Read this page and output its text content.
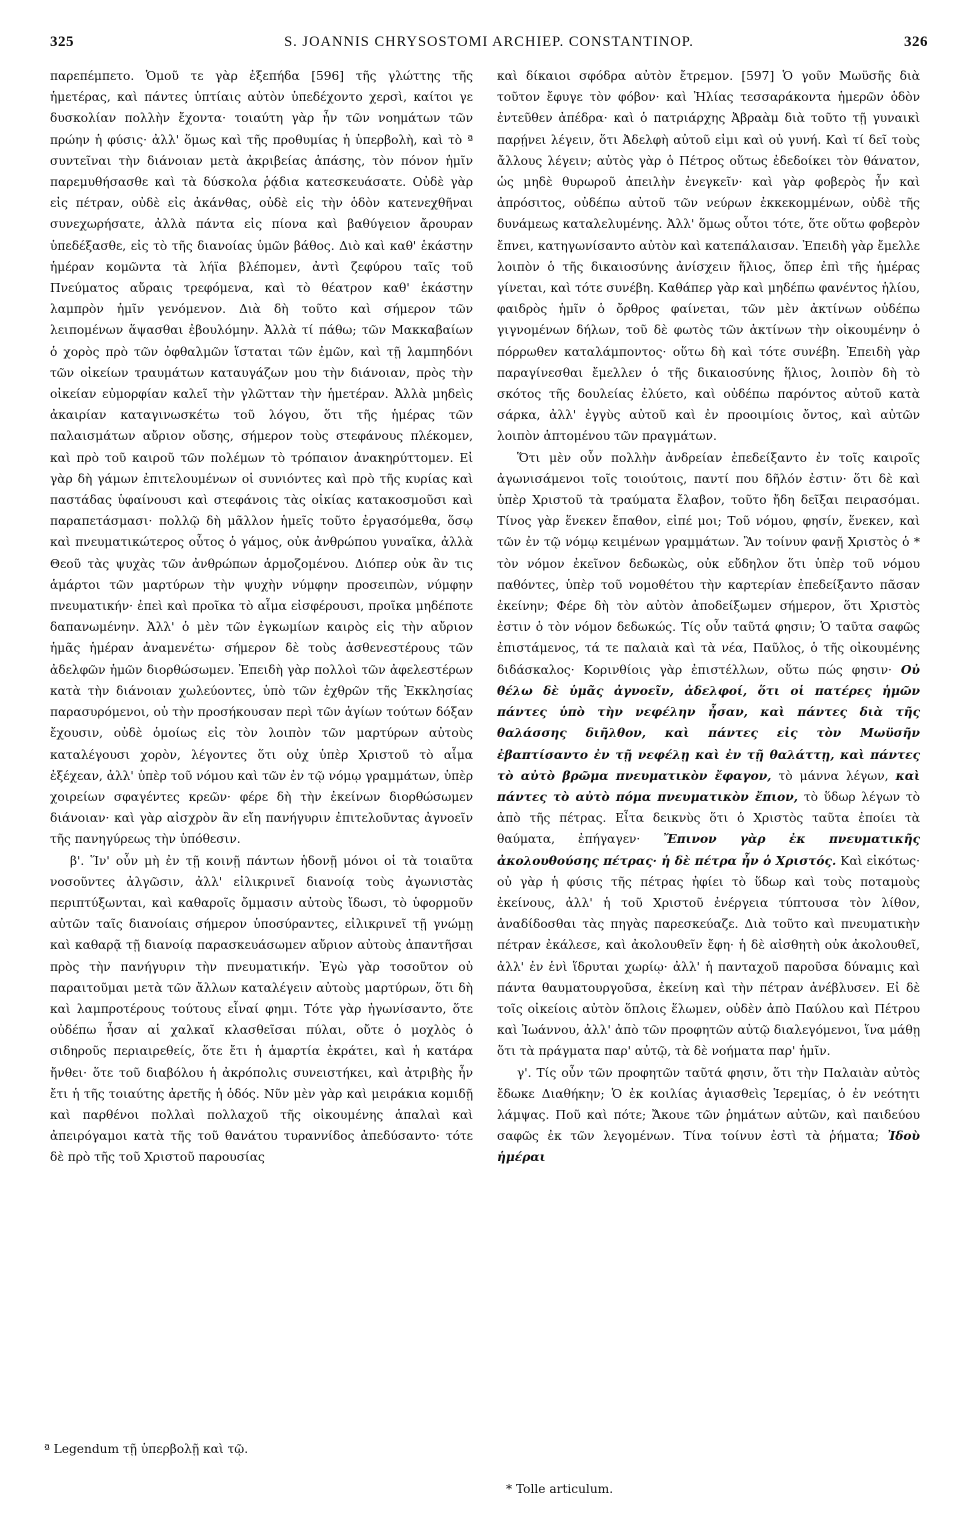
325	S. JOANNIS CHRYSOSTOMI ARCHIEP. CONSTANTINOP.	326

παρεπέμπετο. Ὁμοῦ τε γὰρ ἐξεπήδα [596] τῆς γλώττης τῆς ἡμετέρας, καὶ πάντες ὑπτίαις αὐτὸν ὑπεδέχοντο χερσὶ, καίτοι γε δυσκολίαν πολλὴν ἔχοντα· τοιαύτη γὰρ ἦν τῶν νοημάτων τῶν πρώην ἡ φύσις· ἀλλ' ὅμως καὶ τῆς προθυμίας ἡ ὑπερβολὴ, καὶ τὸ ª συντεῖναι τὴν διάνοιαν μετὰ ἀκριβείας ἁπάσης, τὸν πόνον ἡμῖν παρεμυθήσασθε καὶ τὰ δύσκολα ῥᾴδια κατεσκευάσατε. Οὐδὲ γὰρ εἰς πέτραν, οὐδὲ εἰς ἀκάνθας, οὐδὲ εἰς τὴν ὁδὸν κατενεχθῆναι συνεχωρήσατε, ἀλλὰ πάντα εἰς πίονα καὶ βαθύγειον ἄρουραν ὑπεδέξασθε, εἰς τὸ τῆς διανοίας ὑμῶν βάθος. Διὸ καὶ καθ' ἑκάστην ἡμέραν κομῶντα τὰ λήϊα βλέπομεν, ἀντὶ ζεφύρου ταῖς τοῦ Πνεύματος αὔραις τρεφόμενα, καὶ τὸ θέατρον καθ' ἑκάστην λαμπρὸν ἡμῖν γενόμενον. Διὰ δὴ τοῦτο καὶ σήμερον τῶν λειπομένων ἅψασθαι ἐβουλόμην. Ἀλλὰ τί πάθω; τῶν Μακκαβαίων ὁ χορὸς πρὸ τῶν ὀφθαλμῶν ἵσταται τῶν ἐμῶν, καὶ τῇ λαμπηδόνι τῶν οἰκείων τραυμάτων καταυγάζων μου τὴν διάνοιαν, πρὸς τὴν οἰκείαν εὐμορφίαν καλεῖ τὴν γλῶτταν τὴν ἡμετέραν. Ἀλλὰ μηδεὶς ἀκαιρίαν καταγινωσκέτω τοῦ λόγου, ὅτι τῆς ἡμέρας τῶν παλαισμάτων αὔριον οὔσης, σήμερον τοὺς στεφάνους πλέκομεν, καὶ πρὸ τοῦ καιροῦ τῶν πολέμων τὸ τρόπαιον ἀνακηρύττομεν. Εἰ γὰρ δὴ γάμων ἐπιτελουμένων οἱ συνιόντες καὶ πρὸ τῆς κυρίας καὶ παστάδας ὑφαίνουσι καὶ στεφάνοις τὰς οἰκίας κατακοσμοῦσι καὶ παραπετάσμασι· πολλῷ δὴ μᾶλλον ἡμεῖς τοῦτο ἐργασόμεθα, ὅσῳ καὶ πνευματικώτερος οὗτος ὁ γάμος, οὐκ ἀνθρώπου γυναῖκα, ἀλλὰ Θεοῦ τὰς ψυχὰς τῶν ἀνθρώπων ἁρμοζομένου. Διόπερ οὐκ ἂν τις ἁμάρτοι τῶν μαρτύρων τὴν ψυχὴν νύμφην προσειπὼν, νύμφην πνευματικήν· ἐπεὶ καὶ προῖκα τὸ αἷμα εἰσφέρουσι, προῖκα μηδέποτε δαπανωμένην. Ἀλλ' ὁ μὲν τῶν ἐγκωμίων καιρὸς εἰς τὴν αὔριον ἡμᾶς ἡμέραν ἀναμενέτω· σήμερον δὲ τοὺς ἀσθενεστέρους τῶν ἀδελφῶν ἡμῶν διορθώσωμεν. Ἐπειδὴ γὰρ πολλοὶ τῶν ἀφελεστέρων κατὰ τὴν διάνοιαν χωλεύοντες, ὑπὸ τῶν ἐχθρῶν τῆς Ἐκκλησίας παρασυρόμενοι, οὐ τὴν προσήκουσαν περὶ τῶν ἁγίων τούτων δόξαν ἔχουσιν, οὐδὲ ὁμοίως εἰς τὸν λοιπὸν τῶν μαρτύρων αὐτοὺς καταλέγουσι χορὸν, λέγοντες ὅτι οὐχ ὑπὲρ Χριστοῦ τὸ αἷμα ἐξέχεαν, ἀλλ' ὑπὲρ τοῦ νόμου καὶ τῶν ἐν τῷ νόμῳ γραμμάτων, ὑπὲρ χοιρείων σφαγέντες κρεῶν· φέρε δὴ τὴν ἐκείνων διορθώσωμεν διάνοιαν· καὶ γὰρ αἰσχρὸν ἂν εἴη πανήγυριν ἐπιτελοῦντας ἀγνοεῖν τῆς πανηγύρεως τὴν ὑπόθεσιν.

β'. Ἵν' οὖν μὴ ἐν τῇ κοινῇ πάντων ἡδονῇ μόνοι οἱ τὰ τοιαῦτα νοσοῦντες ἀλγῶσιν, ἀλλ' εἰλικρινεῖ διανοίᾳ τοὺς ἀγωνιστὰς περιπτύξωνται, καὶ καθαροῖς ὄμμασιν αὐτοὺς ἴδωσι, τὸ ὑφορμοῦν αὐτῶν ταῖς διανοίαις σήμερον ὑποσύραντες, εἰλικρινεῖ τῇ γνώμῃ καὶ καθαρᾷ τῇ διανοίᾳ παρασκευάσωμεν αὔριον αὐτοὺς ἀπαντῆσαι πρὸς τὴν πανήγυριν τὴν πνευματικήν. Ἐγὼ γὰρ τοσοῦτον οὐ παραιτοῦμαι μετὰ τῶν ἄλλων καταλέγειν αὐτοὺς μαρτύρων, ὅτι δὴ καὶ λαμπροτέρους τούτους εἶναί φημι. Τότε γὰρ ἠγωνίσαντο, ὅτε οὐδέπω ἦσαν αἱ χαλκαῖ κλασθεῖσαι πύλαι, οὔτε ὁ μοχλὸς ὁ σιδηροῦς περιαιρεθείς, ὅτε ἔτι ἡ ἁμαρτία ἐκράτει, καὶ ἡ κατάρα ἤνθει· ὅτε τοῦ διαβόλου ἡ ἀκρόπολις συνειστήκει, καὶ ἀτριβὴς ἦν ἔτι ἡ τῆς τοιαύτης ἀρετῆς ἡ ὁδός. Νῦν μὲν γὰρ καὶ μειράκια κομιδῇ καὶ παρθένοι πολλαὶ πολλαχοῦ τῆς οἰκουμένης ἁπαλαὶ καὶ ἀπειρόγαμοι κατὰ τῆς τοῦ θανάτου τυραννίδος ἀπεδύσαντο· τότε δὲ πρὸ τῆς τοῦ Χριστοῦ παρουσίας

καὶ δίκαιοι σφόδρα αὐτὸν ἔτρεμον. [597] Ὁ γοῦν Μωϋσῆς διὰ τοῦτον ἔφυγε τὸν φόβον· καὶ Ἠλίας τεσσαράκοντα ἡμερῶν ὁδὸν ἐντεῦθεν ἀπέδρα· καὶ ὁ πατριάρχης Ἀβραὰμ διὰ τοῦτο τῇ γυναικὶ παρῄνει λέγειν, ὅτι Ἀδελφὴ αὐτοῦ εἰμι καὶ οὐ γυνή. Καὶ τί δεῖ τοὺς ἄλλους λέγειν; αὐτὸς γὰρ ὁ Πέτρος οὕτως ἐδεδοίκει τὸν θάνατον, ὡς μηδὲ θυρωροῦ ἀπειλὴν ἐνεγκεῖν· καὶ γὰρ φοβερὸς ἦν καὶ ἀπρόσιτος, οὐδέπω αὐτοῦ τῶν νεύρων ἐκκεκομμένων, οὐδὲ τῆς δυνάμεως καταλελυμένης. Ἀλλ' ὅμως οὗτοι τότε, ὅτε οὕτω φοβερὸν ἔπνει, κατηγωνίσαντο αὐτὸν καὶ κατεπάλαισαν. Ἐπειδὴ γὰρ ἔμελλε λοιπὸν ὁ τῆς δικαιοσύνης ἀνίσχειν ἥλιος, ὅπερ ἐπὶ τῆς ἡμέρας γίνεται, καὶ τότε συνέβη. Καθάπερ γὰρ καὶ μηδέπω φανέντος ἡλίου, φαιδρὸς ἡμῖν ὁ ὄρθρος φαίνεται, τῶν μὲν ἀκτίνων οὐδέπω γιγνομένων δήλων, τοῦ δὲ φωτὸς τῶν ἀκτίνων τὴν οἰκουμένην ὁ πόρρωθεν καταλάμποντος· οὕτω δὴ καὶ τότε συνέβη. Ἐπειδὴ γὰρ παραγίνεσθαι ἔμελλεν ὁ τῆς δικαιοσύνης ἥλιος, λοιπὸν δὴ τὸ σκότος τῆς δουλείας ἐλύετο, καὶ οὐδέπω παρόντος αὐτοῦ κατὰ σάρκα, ἀλλ' ἐγγὺς αὐτοῦ καὶ ἐν προοιμίοις ὄντος, καὶ αὐτῶν λοιπὸν ἁπτομένου τῶν πραγμάτων.

Ὅτι μὲν οὖν πολλὴν ἀνδρείαν ἐπεδείξαντο ἐν τοῖς καιροῖς ἀγωνισάμενοι τοῖς τοιούτοις, παντί που δῆλόν ἐστιν· ὅτι δὲ καὶ ὑπὲρ Χριστοῦ τὰ τραύματα ἔλαβον, τοῦτο ἤδη δεῖξαι πειρασόμαι. Τίνος γὰρ ἕνεκεν ἔπαθον, εἰπέ μοι; Τοῦ νόμου, φησίν, ἕνεκεν, καὶ τῶν ἐν τῷ νόμῳ κειμένων γραμμάτων. Ἂν τοίνυν φανῇ Χριστὸς ὁ * τὸν νόμον ἐκεῖνον δεδωκὼς, οὐκ εὔδηλον ὅτι ὑπὲρ τοῦ νόμου παθόντες, ὑπὲρ τοῦ νομοθέτου τὴν καρτερίαν ἐπεδείξαντο πᾶσαν ἐκείνην; Φέρε δὴ τὸν αὐτὸν ἀποδείξωμεν σήμερον, ὅτι Χριστὸς ἐστιν ὁ τὸν νόμον δεδωκώς. Τίς οὖν ταῦτά φησιν; Ὁ ταῦτα σαφῶς ἐπιστάμενος, τά τε παλαιὰ καὶ τὰ νέα, Παῦλος, ὁ τῆς οἰκουμένης διδάσκαλος· Κορινθίοις γὰρ ἐπιστέλλων, οὕτω πώς φησιν· Οὐ θέλω δὲ ὑμᾶς ἀγνοεῖν, ἀδελφοί, ὅτι οἱ πατέρες ἡμῶν πάντες ὑπὸ τὴν νεφέλην ἦσαν, καὶ πάντες διὰ τῆς θαλάσσης διῆλθον, καὶ πάντες εἰς τὸν Μωϋσῆν ἐβαπτίσαντο ἐν τῇ νεφέλῃ καὶ ἐν τῇ θαλάττῃ, καὶ πάντες τὸ αὐτὸ βρῶμα πνευματικὸν ἔφαγον, τὸ μάννα λέγων, καὶ πάντες τὸ αὐτὸ πόμα πνευματικὸν ἔπιον, τὸ ὕδωρ λέγων τὸ ἀπὸ τῆς πέτρας. Εἶτα δεικνὺς ὅτι ὁ Χριστὸς ταῦτα ἐποίει τὰ θαύματα, ἐπήγαγεν· Ἔπινον γὰρ ἐκ πνευματικῆς ἀκολουθούσης πέτρας· ἡ δὲ πέτρα ἦν ὁ Χριστός. Καὶ εἰκότως· οὐ γὰρ ἡ φύσις τῆς πέτρας ἠφίει τὸ ὕδωρ καὶ τοὺς ποταμοὺς ἐκείνους, ἀλλ' ἡ τοῦ Χριστοῦ ἐνέργεια τύπτουσα τὸν λίθον, ἀναδίδοσθαι τὰς πηγὰς παρεσκεύαζε. Διὰ τοῦτο καὶ πνευματικὴν πέτραν ἐκάλεσε, καὶ ἀκολουθεῖν ἔφη· ἡ δὲ αἰσθητὴ οὐκ ἀκολουθεῖ, ἀλλ' ἐν ἑνὶ ἵδρυται χωρίῳ· ἀλλ' ἡ πανταχοῦ παροῦσα δύναμις καὶ πάντα θαυματουργοῦσα, ἐκείνη καὶ τὴν πέτραν ἀνέβλυσεν. Εἰ δὲ τοῖς οἰκείοις αὐτὸν ὅπλοις ἕλωμεν, οὐδὲν ἀπὸ Παύλου καὶ Πέτρου καὶ Ἰωάννου, ἀλλ' ἀπὸ τῶν προφητῶν αὐτῷ διαλεγόμενοι, ἵνα μάθῃ ὅτι τὰ πράγματα παρ' αὐτῷ, τὰ δὲ νοήματα παρ' ἡμῖν.

γ'. Τίς οὖν τῶν προφητῶν ταῦτά φησιν, ὅτι τὴν Παλαιὰν αὐτὸς ἔδωκε Διαθήκην; Ὁ ἐκ κοιλίας ἁγιασθεὶς Ἱερεμίας, ὁ ἐν νεότητι λάμψας. Ποῦ καὶ πότε; Ἄκουε τῶν ῥημάτων αὐτῶν, καὶ παιδεύου σαφῶς ἐκ τῶν λεγομένων. Τίνα τοίνυν ἐστὶ τὰ ῥήματα; Ἰδοὺ ἡμέραι

ª Legendum τῇ ὑπερβολῇ καὶ τῷ.
* Tolle articulum.
